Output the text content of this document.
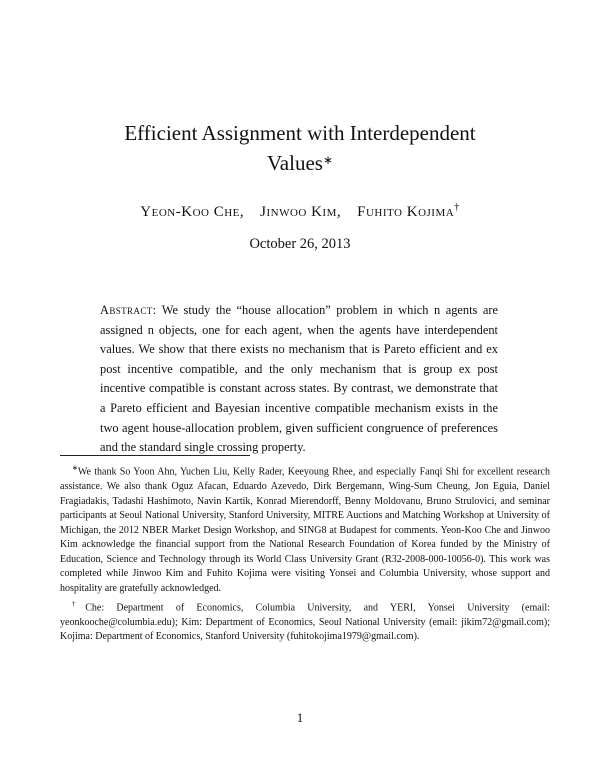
Efficient Assignment with Interdependent
Values∗
Yeon-Koo Che, Jinwoo Kim, Fuhito Kojima†
October 26, 2013
Abstract: We study the “house allocation” problem in which n agents are assigned n objects, one for each agent, when the agents have interdependent values. We show that there exists no mechanism that is Pareto efficient and ex post incentive compatible, and the only mechanism that is group ex post incentive compatible is constant across states. By contrast, we demonstrate that a Pareto efficient and Bayesian incentive compatible mechanism exists in the two agent house-allocation problem, given sufficient congruence of preferences and the standard single crossing property.

∗We thank So Yoon Ahn, Yuchen Liu, Kelly Rader, Keeyoung Rhee, and especially Fanqi Shi for excellent research assistance. We also thank Oguz Afacan, Eduardo Azevedo, Dirk Bergemann, Wing-Sum Cheung, Jon Eguia, Daniel Fragiadakis, Tadashi Hashimoto, Navin Kartik, Konrad Mierendorff, Benny Moldovanu, Bruno Strulovici, and seminar participants at Seoul National University, Stanford University, MITRE Auctions and Matching Workshop at University of Michigan, the 2012 NBER Market Design Workshop, and SING8 at Budapest for comments. Yeon-Koo Che and Jinwoo Kim acknowledge the financial support from the National Research Foundation of Korea funded by the Ministry of Education, Science and Technology through its World Class University Grant (R32-2008-000-10056-0). This work was completed while Jinwoo Kim and Fuhito Kojima were visiting Yonsei and Columbia University, whose support and hospitality are gratefully acknowledged.

†Che: Department of Economics, Columbia University, and YERI, Yonsei University (email: yeonkooche@columbia.edu); Kim: Department of Economics, Seoul National University (email: jikim72@gmail.com); Kojima: Department of Economics, Stanford University (fuhitokojima1979@gmail.com).

1
